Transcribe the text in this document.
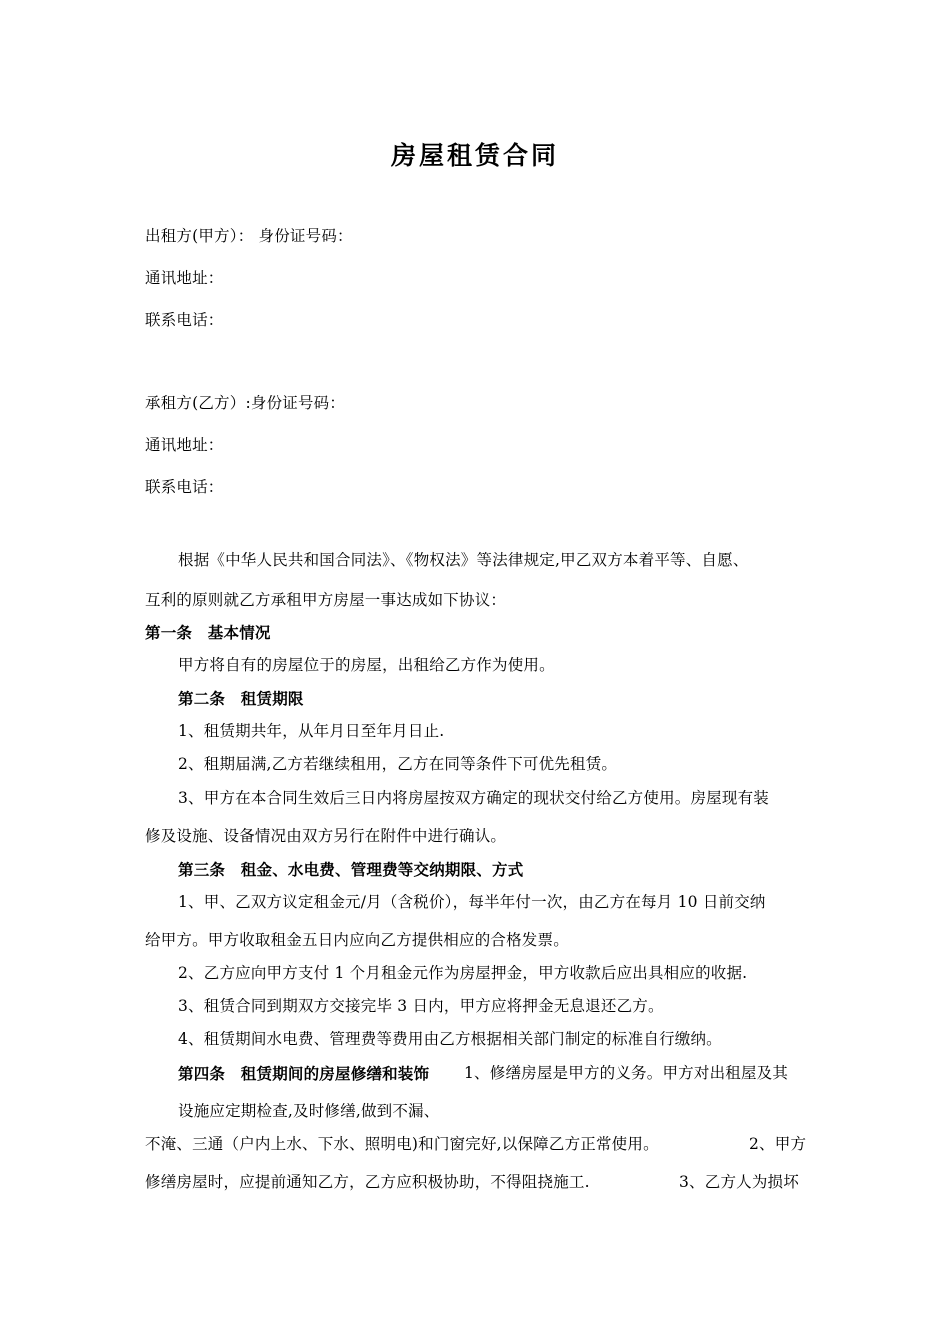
房屋租赁合同
出租方(甲方）： 身份证号码：
通讯地址：
联系电话：
承租方(乙方）:身份证号码：
通讯地址：
联系电话：
根据《中华人民共和国合同法》、《物权法》等法律规定,甲乙双方本着平等、自愿、
互利的原则就乙方承租甲方房屋一事达成如下协议：
第一条　基本情况
甲方将自有的房屋位于的房屋，出租给乙方作为使用。
第二条　租赁期限
1、租赁期共年，从年月日至年月日止.
2、租期届满,乙方若继续租用，乙方在同等条件下可优先租赁。
3、甲方在本合同生效后三日内将房屋按双方确定的现状交付给乙方使用。房屋现有装
修及设施、设备情况由双方另行在附件中进行确认。
第三条　租金、水电费、管理费等交纳期限、方式
1、甲、乙双方议定租金元/月（含税价），每半年付一次，由乙方在每月 10 日前交纳
给甲方。甲方收取租金五日内应向乙方提供相应的合格发票。
2、乙方应向甲方支付 1 个月租金元作为房屋押金，甲方收款后应出具相应的收据.
3、租赁合同到期双方交接完毕 3 日内，甲方应将押金无息退还乙方。
4、租赁期间水电费、管理费等费用由乙方根据相关部门制定的标准自行缴纳。
第四条　租赁期间的房屋修缮和装饰 1、修缮房屋是甲方的义务。甲方对出租屋及其
设施应定期检查,及时修缮,做到不漏、
不淹、三通（户内上水、下水、照明电)和门窗完好,以保障乙方正常使用。	2、甲方
修缮房屋时，应提前通知乙方，乙方应积极协助，不得阻挠施工.	3、乙方人为损坏
